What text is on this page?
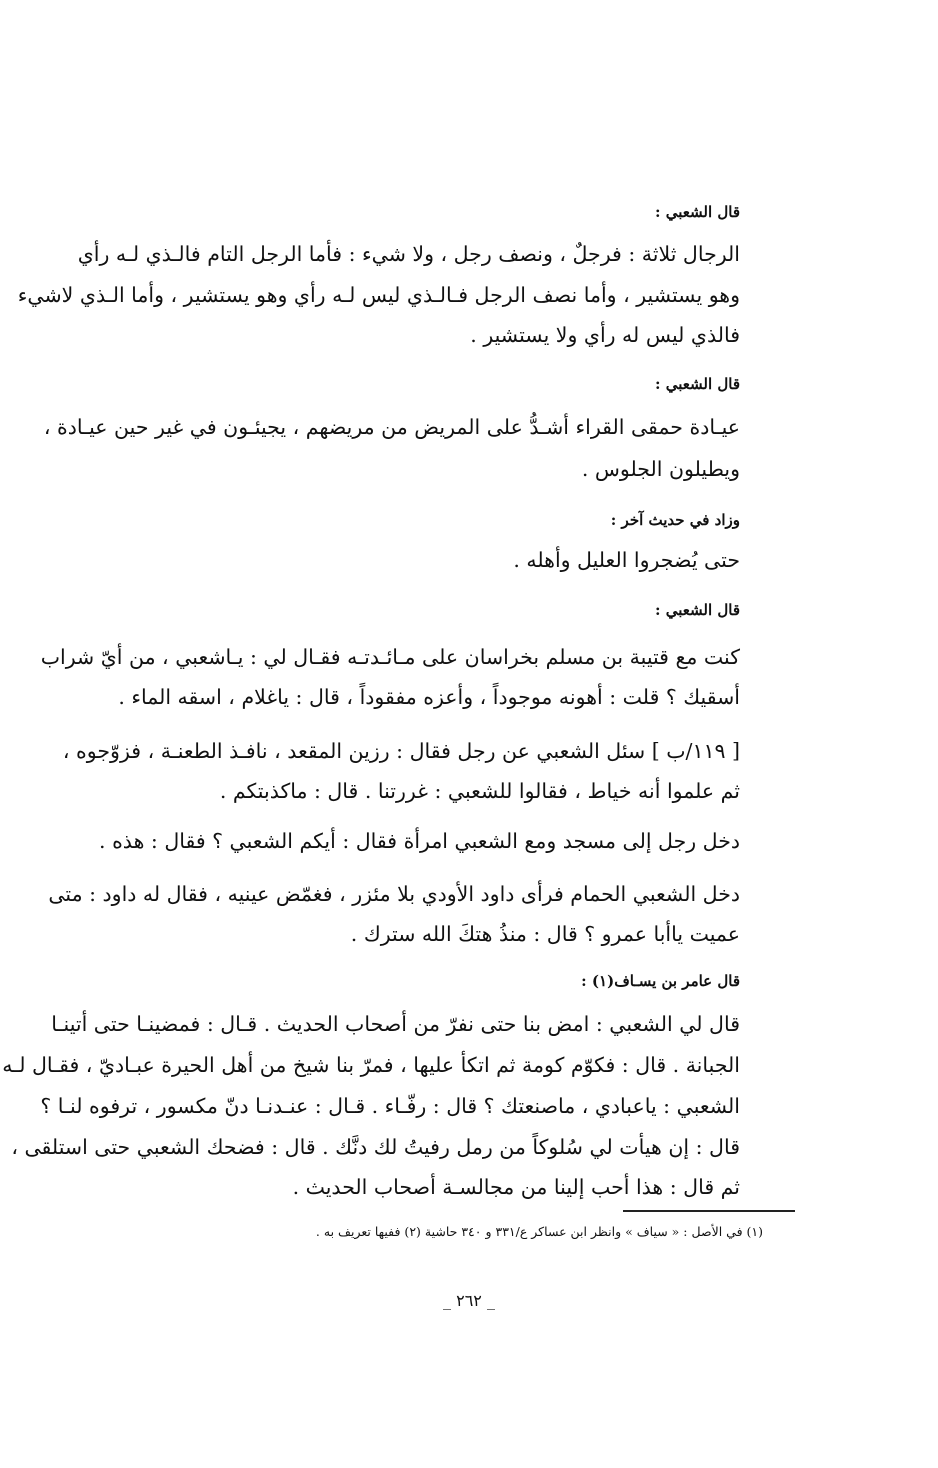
قال الشعبي :
الرجال ثلاثة : فرجلٌ ، ونصف رجل ، ولا شيء : فأما الرجل التام فالـذي لـه رأي
وهو يستشير ، وأما نصف الرجل فـالـذي ليس لـه رأي وهو يستشير ، وأما الـذي لاشيء
فالذي ليس له رأي ولا يستشير .
قال الشعبي :
عيـادة حمقى القراء أشـدُّ على المريض من مريضهم ، يجيئـون في غير حين عيـادة ،
ويطيلون الجلوس .
وزاد في حديث آخر :
حتى يُضجروا العليل وأهله .
قال الشعبي :
كنت مع قتيبة بن مسلم بخراسان على مـائـدتـه فقـال لي : يـاشعبي ، من أيّ شراب
أسقيك ؟ قلت : أهونه موجوداً ، وأعزه مفقوداً ، قال : ياغلام ، اسقه الماء .
[ ١١٩/ب ] سئل الشعبي عن رجل فقال : رزين المقعد ، نافـذ الطعنـة ، فزوّجوه ،
ثم علموا أنه خياط ، فقالوا للشعبي : غررتنا . قال : ماكذبتكم .
دخل رجل إلى مسجد ومع الشعبي امرأة فقال : أيكم الشعبي ؟ فقال : هذه .
دخل الشعبي الحمام فرأى داود الأودي بلا مئزر ، فغمّض عينيه ، فقال له داود : متى
عميت ياأبا عمرو ؟ قال : منذُ هتكَ الله سترك .
قال عامر بن يسـاف(١) :
قال لي الشعبي : امض بنا حتى نفرّ من أصحاب الحديث . قـال : فمضينـا حتى أتينـا
الجبانة . قال : فكوّم كومة ثم اتكأ عليها ، فمرّ بنا شيخ من أهل الحيرة عبـاديّ ، فقـال لـه
الشعبي : ياعبادي ، ماصنعتك ؟ قال : رفّـاء . قـال : عنـدنـا دنّ مكسور ، ترفوه لنـا ؟
قال : إن هيأت لي سُلوكاً من رمل رفيتُ لك دنَّك . قال : فضحك الشعبي حتى استلقى ،
ثم قال : هذا أحب إلينا من مجالسـة أصحاب الحديث .
(١) في الأصل : « سياف » وانظر ابن عساكر ع/٣٣١ و ٣٤٠ حاشية (٢) ففيها تعريف به .
_ ٢٦٢ _
